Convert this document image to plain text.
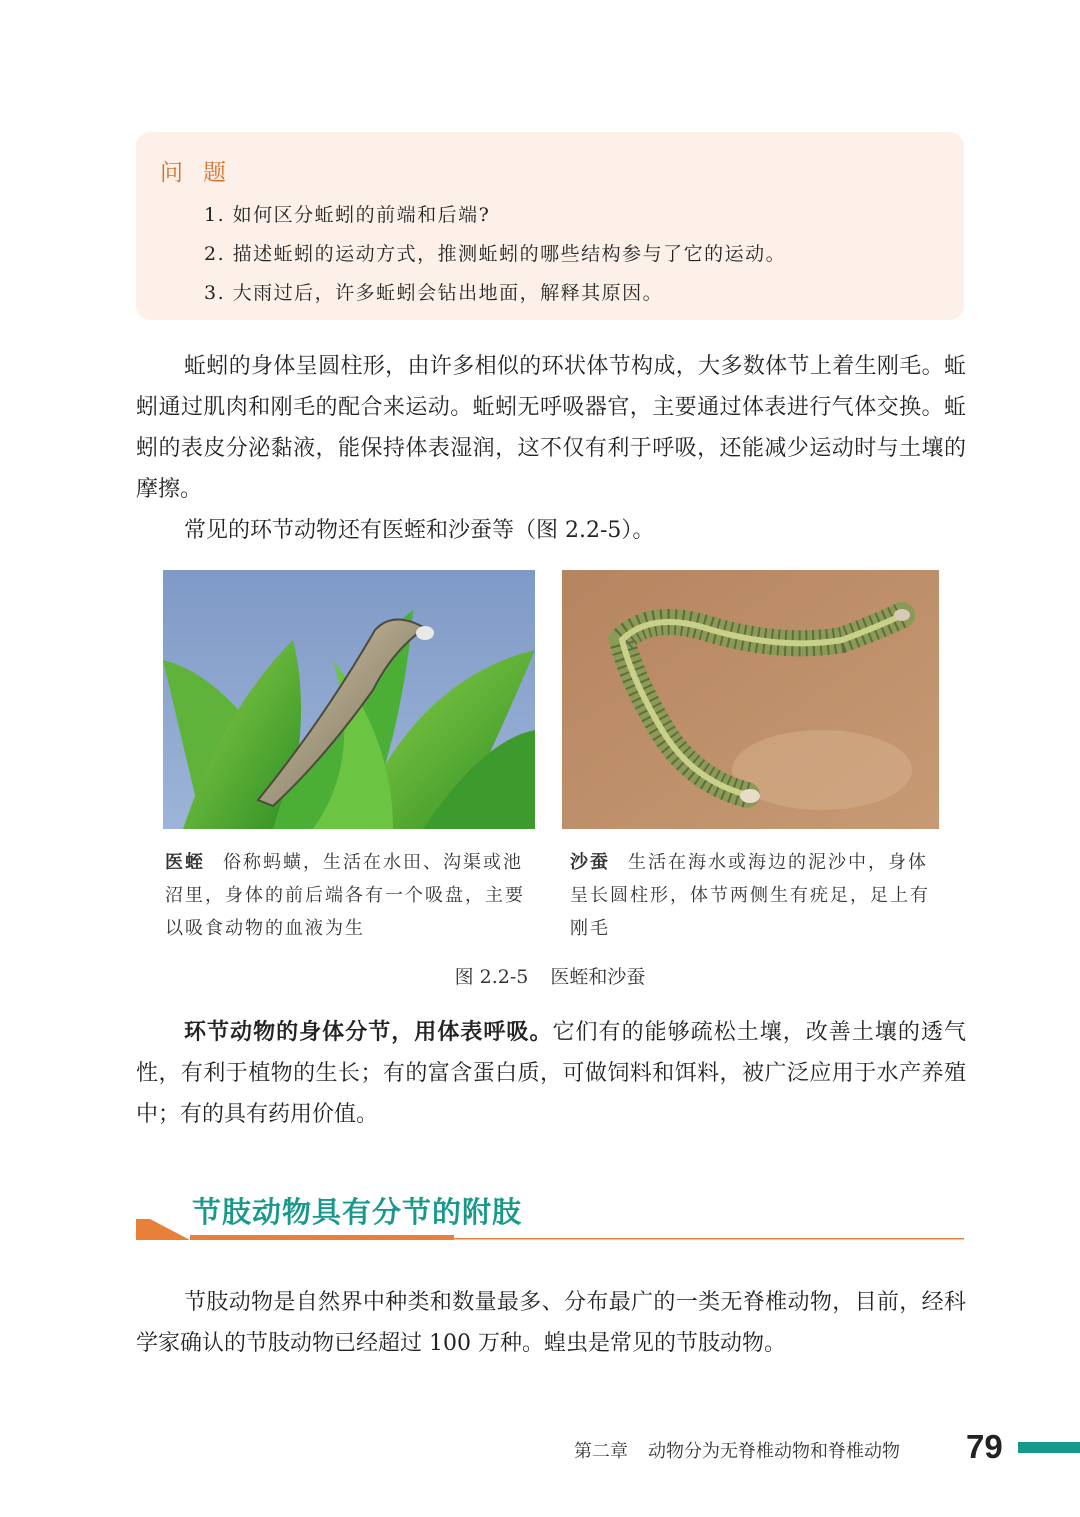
问题
1. 如何区分蚯蚓的前端和后端?
2. 描述蚯蚓的运动方式，推测蚯蚓的哪些结构参与了它的运动。
3. 大雨过后，许多蚯蚓会钻出地面，解释其原因。

蚯蚓的身体呈圆柱形，由许多相似的环状体节构成，大多数体节上着生刚毛。蚯蚓通过肌肉和刚毛的配合来运动。蚯蚓无呼吸器官，主要通过体表进行气体交换。蚯蚓的表皮分泌黏液，能保持体表湿润，这不仅有利于呼吸，还能减少运动时与土壤的摩擦。

常见的环节动物还有医蛭和沙蚕等（图 2.2-5）。

医蛭 俗称蚂蟥，生活在水田、沟渠或池沼里，身体的前后端各有一个吸盘，主要以吸食动物的血液为生

沙蚕 生活在海水或海边的泥沙中，身体呈长圆柱形，体节两侧生有疣足，足上有刚毛

图 2.2-5 医蛭和沙蚕

环节动物的身体分节，用体表呼吸。它们有的能够疏松土壤，改善土壤的透气性，有利于植物的生长；有的富含蛋白质，可做饲料和饵料，被广泛应用于水产养殖中；有的具有药用价值。

节肢动物具有分节的附肢

节肢动物是自然界中种类和数量最多、分布最广的一类无脊椎动物，目前，经科学家确认的节肢动物已经超过 100 万种。蝗虫是常见的节肢动物。

第二章 动物分为无脊椎动物和脊椎动物 79
